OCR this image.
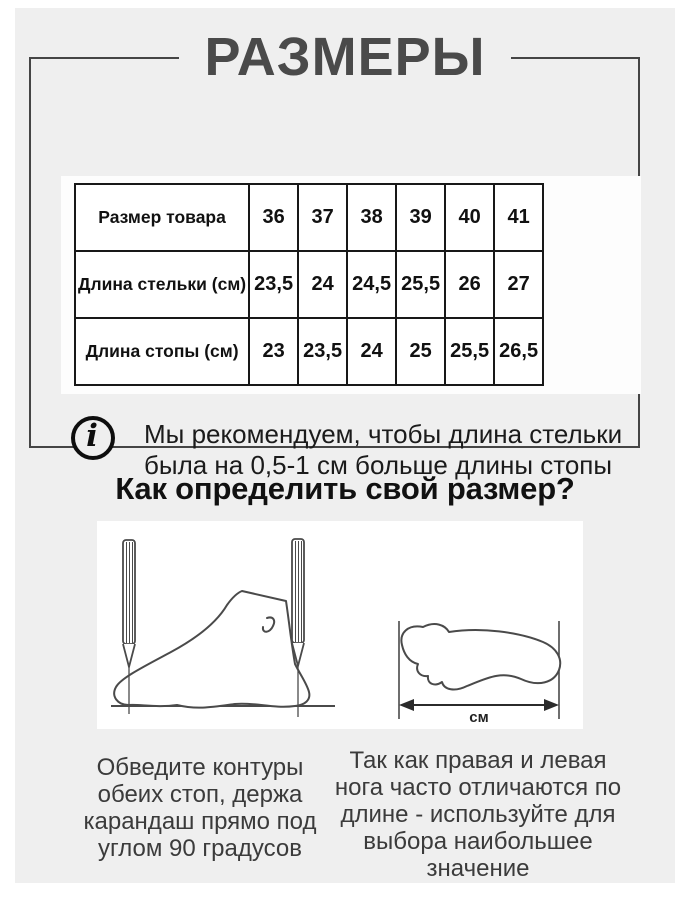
РАЗМЕРЫ
Размер товара	36	37	38	39	40	41
Длина стельки (см)	23,5	24	24,5	25,5	26	27
Длина стопы (см)	23	23,5	24	25	25,5	26,5
i Мы рекомендуем, чтобы длина стельки
была на 0,5-1 см больше длины стопы
Как определить свой размер?
см
Обведите контуры
обеих стоп, держа
карандаш прямо под
углом 90 градусов
Так как правая и левая
нога часто отличаются по
длине - используйте для
выбора наибольшее
значение
